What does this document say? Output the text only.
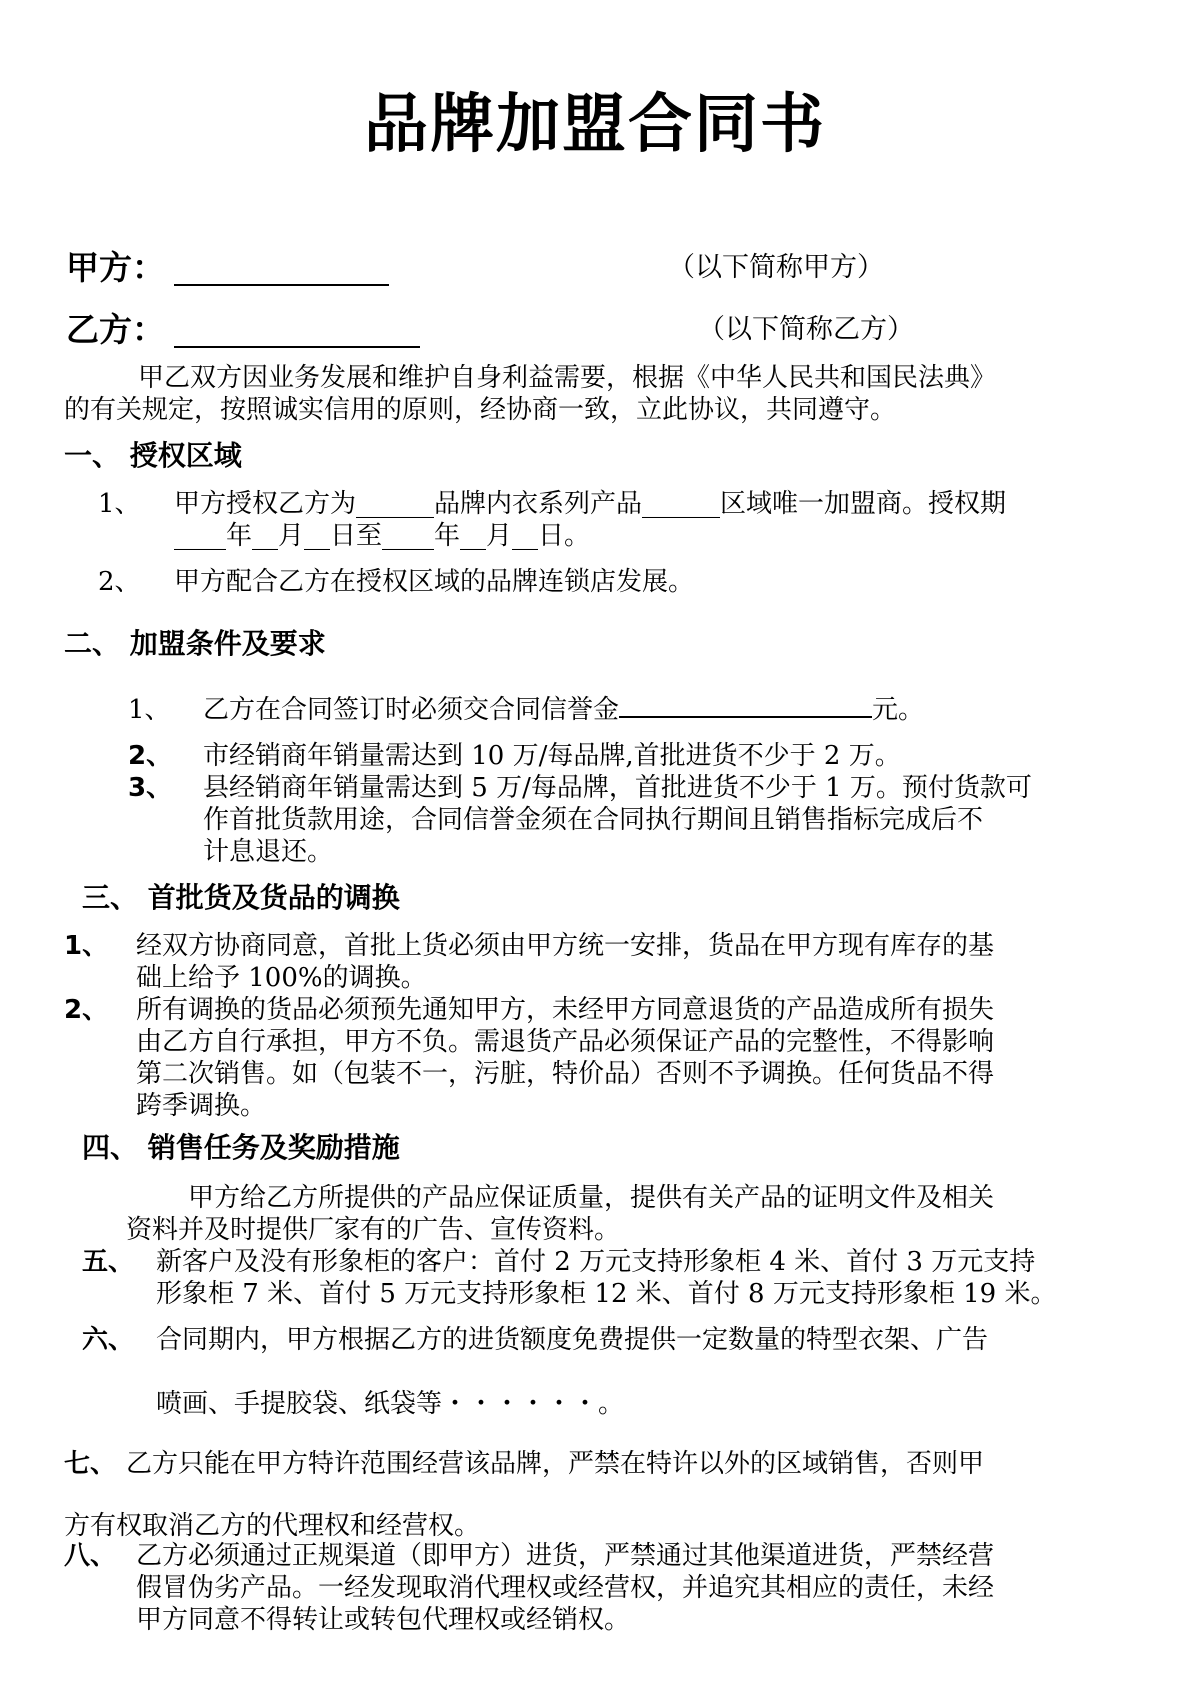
品牌加盟合同书
甲方：	（以下简称甲方）
乙方：	（以下简称乙方）
甲乙双方因业务发展和维护自身利益需要，根据《中华人民共和国民法典》
的有关规定，按照诚实信用的原则，经协商一致，立此协议，共同遵守。
一、 授权区域
1、 甲方授权乙方为______品牌内衣系列产品______区域唯一加盟商。授权期
____年__月__日至____年__月__日。
2、 甲方配合乙方在授权区域的品牌连锁店发展。
二、 加盟条件及要求
1、 乙方在合同签订时必须交合同信誉金	元。
2、 市经销商年销量需达到 10 万/每品牌,首批进货不少于 2 万。
3、 县经销商年销量需达到 5 万/每品牌，首批进货不少于 1 万。预付货款可
作首批货款用途，合同信誉金须在合同执行期间且销售指标完成后不
计息退还。
三、 首批货及货品的调换
1、 经双方协商同意，首批上货必须由甲方统一安排，货品在甲方现有库存的基
础上给予 100%的调换。
2、 所有调换的货品必须预先通知甲方，未经甲方同意退货的产品造成所有损失
由乙方自行承担，甲方不负。需退货产品必须保证产品的完整性，不得影响
第二次销售。如（包装不一，污脏，特价品）否则不予调换。任何货品不得
跨季调换。
四、 销售任务及奖励措施
甲方给乙方所提供的产品应保证质量，提供有关产品的证明文件及相关
资料并及时提供厂家有的广告、宣传资料。
五、 新客户及没有形象柜的客户：首付 2 万元支持形象柜 4 米、首付 3 万元支持
形象柜 7 米、首付 5 万元支持形象柜 12 米、首付 8 万元支持形象柜 19 米。
六、 合同期内，甲方根据乙方的进货额度免费提供一定数量的特型衣架、广告
喷画、手提胶袋、纸袋等・・・・・・。
七、 乙方只能在甲方特许范围经营该品牌，严禁在特许以外的区域销售，否则甲
方有权取消乙方的代理权和经营权。
八、 乙方必须通过正规渠道（即甲方）进货，严禁通过其他渠道进货，严禁经营
假冒伪劣产品。一经发现取消代理权或经营权，并追究其相应的责任，未经
甲方同意不得转让或转包代理权或经销权。
